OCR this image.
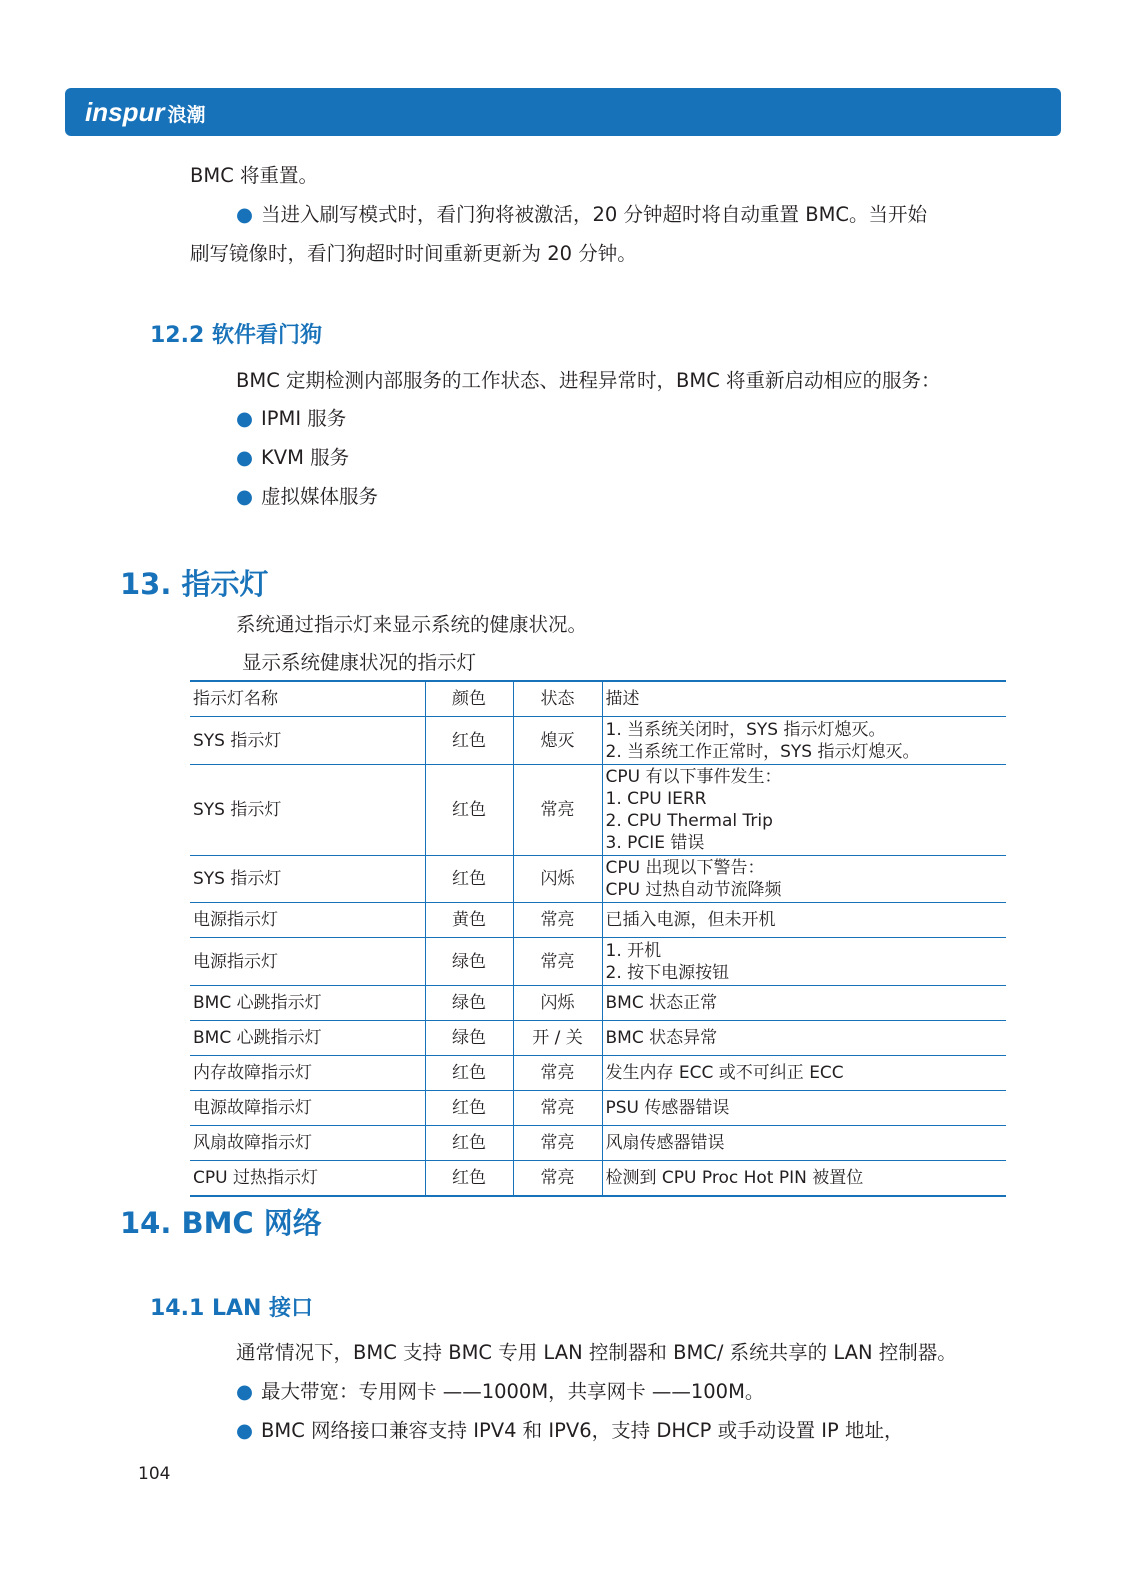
inspur 浪潮
BMC 将重置。
● 当进入刷写模式时，看门狗将被激活，20 分钟超时将自动重置 BMC。当开始
刷写镜像时，看门狗超时时间重新更新为 20 分钟。
12.2 软件看门狗
BMC 定期检测内部服务的工作状态、进程异常时，BMC 将重新启动相应的服务：
● IPMI 服务
● KVM 服务
● 虚拟媒体服务
13. 指示灯
系统通过指示灯来显示系统的健康状况。
显示系统健康状况的指示灯
指示灯名称	颜色	状态	描述
SYS 指示灯	红色	熄灭	1. 当系统关闭时，SYS 指示灯熄灭。
2. 当系统工作正常时，SYS 指示灯熄灭。

SYS 指示灯	红色	常亮	CPU 有以下事件发生：
1. CPU IERR
2. CPU Thermal Trip
3. PCIE 错误

SYS 指示灯	红色	闪烁	CPU 出现以下警告：
CPU 过热自动节流降频

电源指示灯	黄色	常亮	已插入电源，但未开机

电源指示灯	绿色	常亮	1. 开机
2. 按下电源按钮

BMC 心跳指示灯	绿色	闪烁	BMC 状态正常

BMC 心跳指示灯	绿色	开 / 关	BMC 状态异常

内存故障指示灯	红色	常亮	发生内存 ECC 或不可纠正 ECC

电源故障指示灯	红色	常亮	PSU 传感器错误

风扇故障指示灯	红色	常亮	风扇传感器错误

CPU 过热指示灯	红色	常亮	检测到 CPU Proc Hot PIN 被置位
14. BMC 网络
14.1 LAN 接口
通常情况下，BMC 支持 BMC 专用 LAN 控制器和 BMC/ 系统共享的 LAN 控制器。
● 最大带宽：专用网卡 ——1000M，共享网卡 ——100M。
● BMC 网络接口兼容支持 IPV4 和 IPV6，支持 DHCP 或手动设置 IP 地址，
104
